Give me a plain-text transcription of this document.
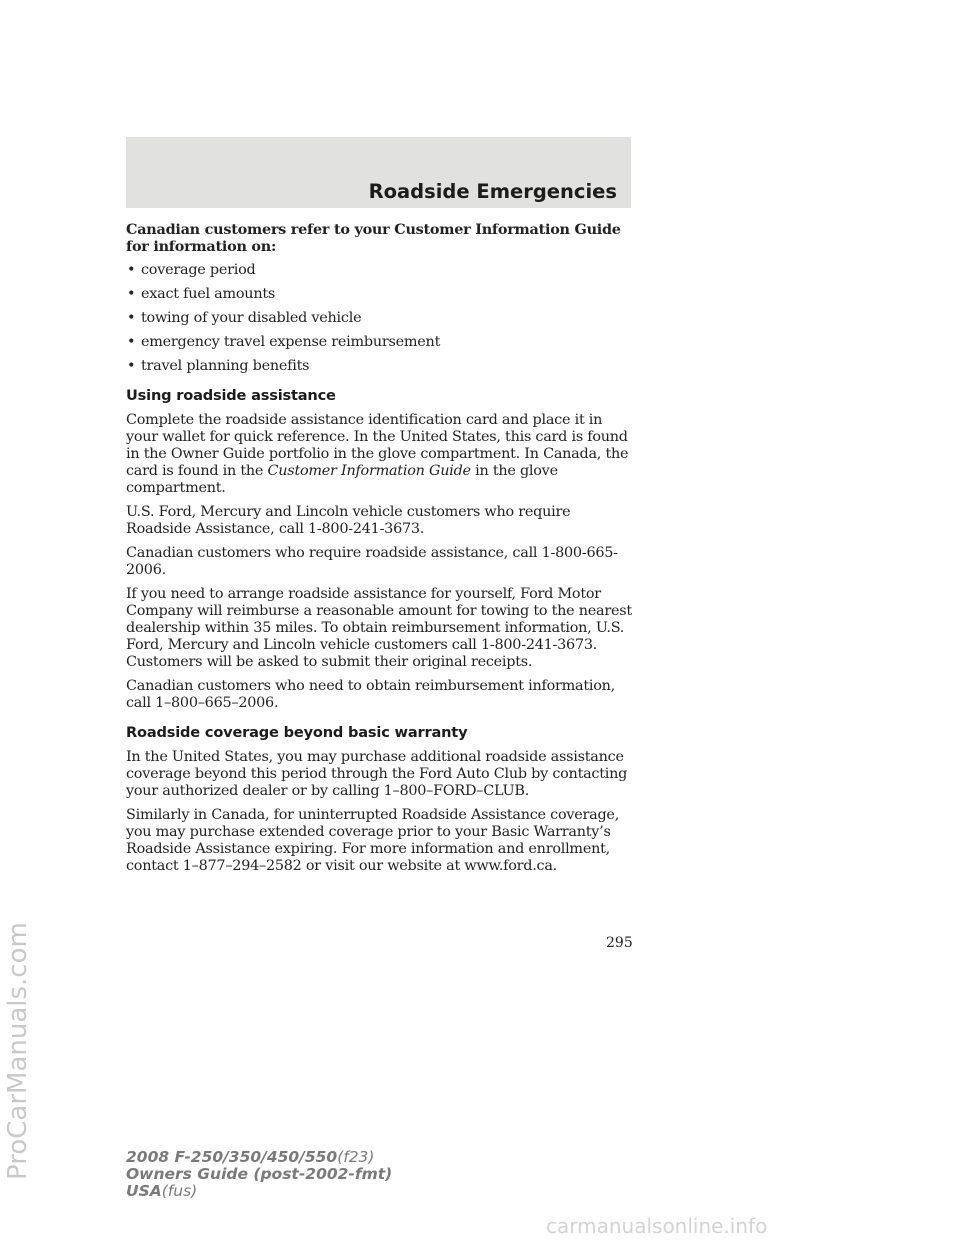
Roadside Emergencies

Canadian customers refer to your Customer Information Guide for information on:

• coverage period
• exact fuel amounts
• towing of your disabled vehicle
• emergency travel expense reimbursement
• travel planning benefits
Using roadside assistance

Complete the roadside assistance identification card and place it in your wallet for quick reference. In the United States, this card is found in the Owner Guide portfolio in the glove compartment. In Canada, the card is found in the Customer Information Guide in the glove compartment.

U.S. Ford, Mercury and Lincoln vehicle customers who require Roadside Assistance, call 1-800-241-3673.

Canadian customers who require roadside assistance, call 1-800-665-2006.

If you need to arrange roadside assistance for yourself, Ford Motor Company will reimburse a reasonable amount for towing to the nearest dealership within 35 miles. To obtain reimbursement information, U.S. Ford, Mercury and Lincoln vehicle customers call 1-800-241-3673. Customers will be asked to submit their original receipts.

Canadian customers who need to obtain reimbursement information, call 1–800–665–2006.

Roadside coverage beyond basic warranty

In the United States, you may purchase additional roadside assistance coverage beyond this period through the Ford Auto Club by contacting your authorized dealer or by calling 1–800–FORD–CLUB.

Similarly in Canada, for uninterrupted Roadside Assistance coverage, you may purchase extended coverage prior to your Basic Warranty’s Roadside Assistance expiring. For more information and enrollment, contact 1–877–294–2582 or visit our website at www.ford.ca.

295
2008 F-250/350/450/550(f23)
Owners Guide (post-2002-fmt)
USA(fus)
ProCarManuals.com
carmanualsonline.info
